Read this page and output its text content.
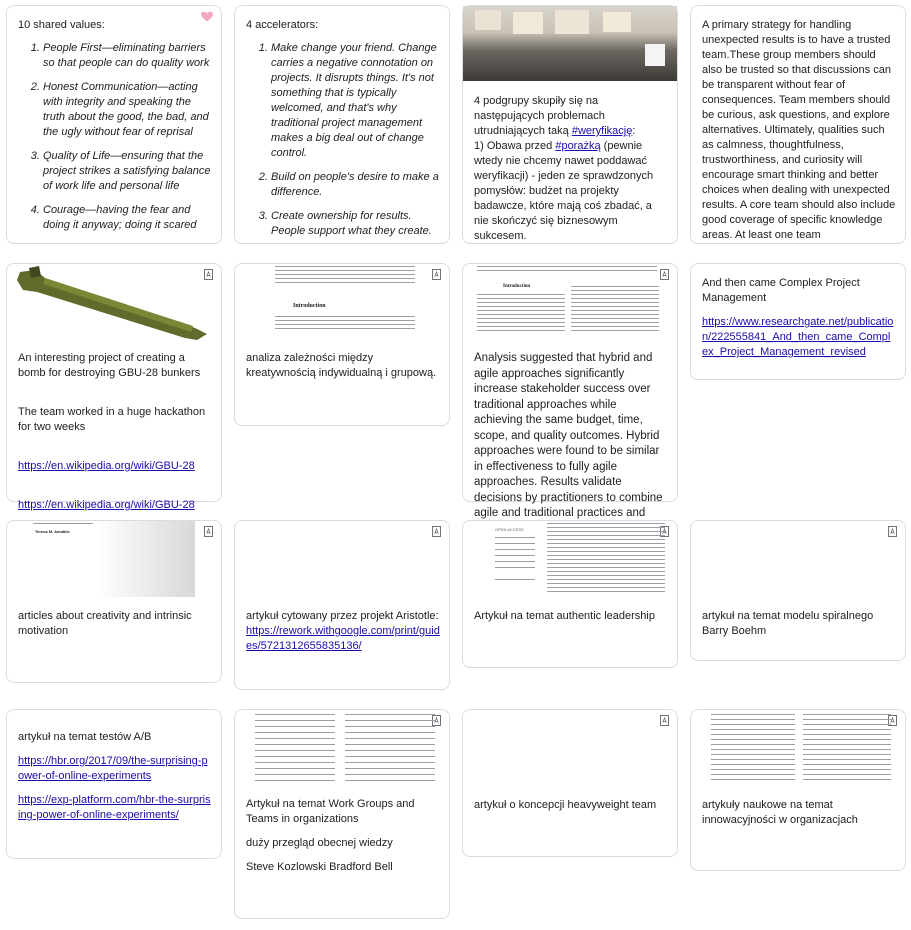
10 shared values:

1. People First—eliminating barriers so that people can do quality work
2. Honest Communication—acting with integrity and speaking the truth about the good, the bad, and the ugly without fear of reprisal
3. Quality of Life—ensuring that the project strikes a satisfying balance of work life and personal life
4. Courage—having the fear and doing it anyway; doing it scared

4 accelerators:

1. Make change your friend. Change carries a negative connotation on projects. It disrupts things. It's not something that is typically welcomed, and that's why traditional project management makes a big deal out of change control.
2. Build on people's desire to make a difference.
3. Create ownership for results. People support what they create.
4 podgrupy skupiły się na następujących problemach utrudniających taką #weryfikację:
1) Obawa przed #porażką (pewnie wtedy nie chcemy nawet poddawać weryfikacji) - jeden ze sprawdzonych pomysłów: budżet na projekty badawcze, które mają coś zbadać, a nie skończyć się biznesowym sukcesem.
A primary strategy for handling unexpected results is to have a trusted team.These group members should also be trusted so that discussions can be transparent without fear of consequences. Team members should be curious, ask questions, and explore alternatives. Ultimately, qualities such as calmness, thoughtfulness, trustworthiness, and curiosity will encourage smart thinking and better choices when dealing with unexpected results. A core team should also include good coverage of specific knowledge areas. At least one team

An interesting project of creating a bomb for destroying GBU-28 bunkers

The team worked in a huge hackathon for two weeks

https://en.wikipedia.org/wiki/GBU-28

https://en.wikipedia.org/wiki/GBU-28

Introduction
analiza zależności między kreatywnością indywidualną i grupową.
Introduction
Analysis suggested that hybrid and agile approaches significantly increase stakeholder success over traditional approaches while achieving the same budget, time, scope, and quality outcomes. Hybrid approaches were found to be similar in effectiveness to fully agile approaches. Results validate decisions by practitioners to combine agile and traditional practices and

And then came Complex Project Management

https://www.researchgate.net/publication/222555841_And_then_came_Complex_Project_Management_revised

Teresa M. Amabile
articles about creativity and intrinsic motivation

artykuł cytowany przez projekt Aristotle:

https://rework.withgoogle.com/print/guides/5721312655835136/

OPEN ACCESS
Artykuł na temat authentic leadership	artykuł na temat modelu spiralnego Barry Boehm

artykuł na temat testów A/B

https://hbr.org/2017/09/the-surprising-power-of-online-experiments

https://exp-platform.com/hbr-the-surprising-power-of-online-experiments/

Artykuł na temat Work Groups and Teams in organizations

duży przegląd obecnej wiedzy

Steve Kozlowski Bradford Bell

artykuł o koncepcji heavyweight team	artykuły naukowe na temat innowacyjności w organizacjach
